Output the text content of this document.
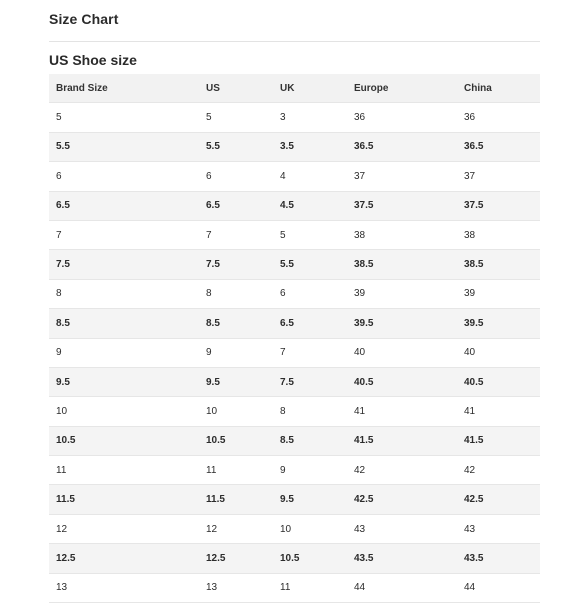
Size Chart
US Shoe size
Brand Size	US	UK	Europe	China
5	5	3	36	36
5.5	5.5	3.5	36.5	36.5
6	6	4	37	37
6.5	6.5	4.5	37.5	37.5
7	7	5	38	38
7.5	7.5	5.5	38.5	38.5
8	8	6	39	39
8.5	8.5	6.5	39.5	39.5
9	9	7	40	40
9.5	9.5	7.5	40.5	40.5
10	10	8	41	41
10.5	10.5	8.5	41.5	41.5
11	11	9	42	42
11.5	11.5	9.5	42.5	42.5
12	12	10	43	43
12.5	12.5	10.5	43.5	43.5
13	13	11	44	44
